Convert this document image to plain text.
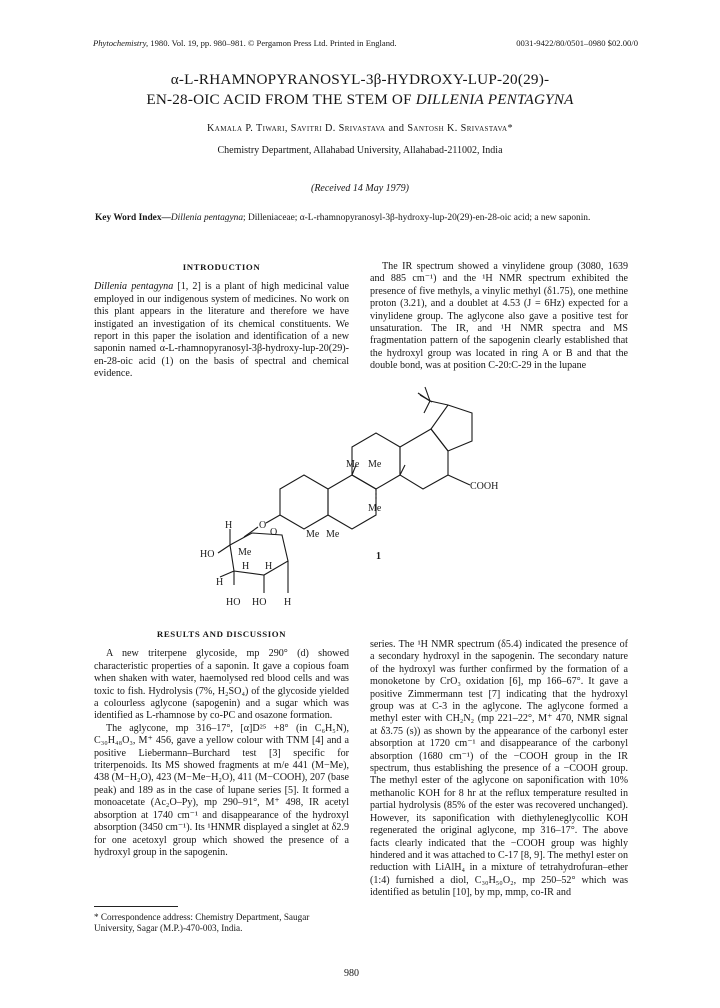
Phytochemistry, 1980. Vol. 19, pp. 980–981. © Pergamon Press Ltd. Printed in England.	0031-9422/80/0501–0980 $02.00/0
α-L-RHAMNOPYRANOSYL-3β-HYDROXY-LUP-20(29)-
EN-28-OIC ACID FROM THE STEM OF DILLENIA PENTAGYNA
Kamala P. Tiwari, Savitri D. Srivastava and Santosh K. Srivastava*
Chemistry Department, Allahabad University, Allahabad-211002, India
(Received 14 May 1979)
Key Word Index—Dillenia pentagyna; Dilleniaceae; α-L-rhamnopyranosyl-3β-hydroxy-lup-20(29)-en-28-oic acid; a new saponin.
INTRODUCTION

Dillenia pentagyna [1, 2] is a plant of high medicinal value employed in our indigenous system of medicines. No work on this plant appears in the literature and therefore we have instigated an investigation of its chemical constituents. We report in this paper the isolation and identification of a new saponin named α-L-rhamnopyranosyl-3β-hydroxy-lup-20(29)-en-28-oic acid (1) on the basis of spectral and chemical evidence.

The IR spectrum showed a vinylidene group (3080, 1639 and 885 cm⁻¹) and the ¹H NMR spectrum exhibited the presence of five methyls, a vinylic methyl (δ1.75), one methine proton (3.21), and a doublet at 4.53 (J = 6Hz) expected for a vinylidene group. The aglycone also gave a positive test for unsaturation. The IR, and ¹H NMR spectra and MS fragmentation pattern of the sapogenin clearly established that the hydroxyl group was located in ring A or B and that the double bond, was at position C-20:C-29 in the lupane

Me Me
COOH
Me
Me Me
O
O
H
HO Me
H H
H
HO HO H
1
RESULTS AND DISCUSSION

A new triterpene glycoside, mp 290° (d) showed characteristic properties of a saponin. It gave a copious foam when shaken with water, haemolysed red blood cells and was toxic to fish. Hydrolysis (7%, H₂SO₄) of the glycoside yielded a colourless aglycone (sapogenin) and a sugar which was identified as L-rhamnose by co-PC and osazone formation.

The aglycone, mp 316–17°, [α]D²⁵ +8° (in C₆H₅N), C₃₀H₄₈O₃, M⁺ 456, gave a yellow colour with TNM [4] and a positive Liebermann–Burchard test [3] specific for triterpenoids. Its MS showed fragments at m/e 441 (M−Me), 438 (M−H₂O), 423 (M−Me−H₂O), 411 (M−COOH), 207 (base peak) and 189 as in the case of lupane series [5]. It formed a monoacetate (Ac₂O–Py), mp 290–91°, M⁺ 498, IR acetyl absorption at 1740 cm⁻¹ and disappearance of the hydroxyl absorption (3450 cm⁻¹). Its ¹HNMR displayed a singlet at δ2.9 for one acetoxyl group which showed the presence of a hydroxyl group in the sapogenin.

series. The ¹H NMR spectrum (δ5.4) indicated the presence of a secondary hydroxyl in the sapogenin. The secondary nature of the hydroxyl was further confirmed by the formation of a monoketone by CrO₃ oxidation [6], mp 166–67°. It gave a positive Zimmermann test [7] indicating that the hydroxyl group was at C-3 in the aglycone. The aglycone formed a methyl ester with CH₂N₂ (mp 221–22°, M⁺ 470, NMR signal at δ3.75 (s)) as shown by the appearance of the carbonyl ester absorption at 1720 cm⁻¹ and disappearance of the carbonyl absorption (1680 cm⁻¹) of the −COOH group in the IR spectrum, thus establishing the presence of a −COOH group. The methyl ester of the aglycone on saponification with 10% methanolic KOH for 8 hr at the reflux temperature resulted in partial hydrolysis (85% of the ester was recovered unchanged). However, its saponification with diethyleneglycollic KOH regenerated the original aglycone, mp 316–17°. The above facts clearly indicated that the −COOH group was highly hindered and it was attached to C-17 [8, 9]. The methyl ester on reduction with LiAlH₄ in a mixture of tetrahydrofuran–ether (1:4) furnished a diol, C₃₀H₅₀O₂, mp 250–52° which was identified as betulin [10], by mp, mmp, co-IR and

* Correspondence address: Chemistry Department, Saugar University, Sagar (M.P.)-470-003, India.
980
